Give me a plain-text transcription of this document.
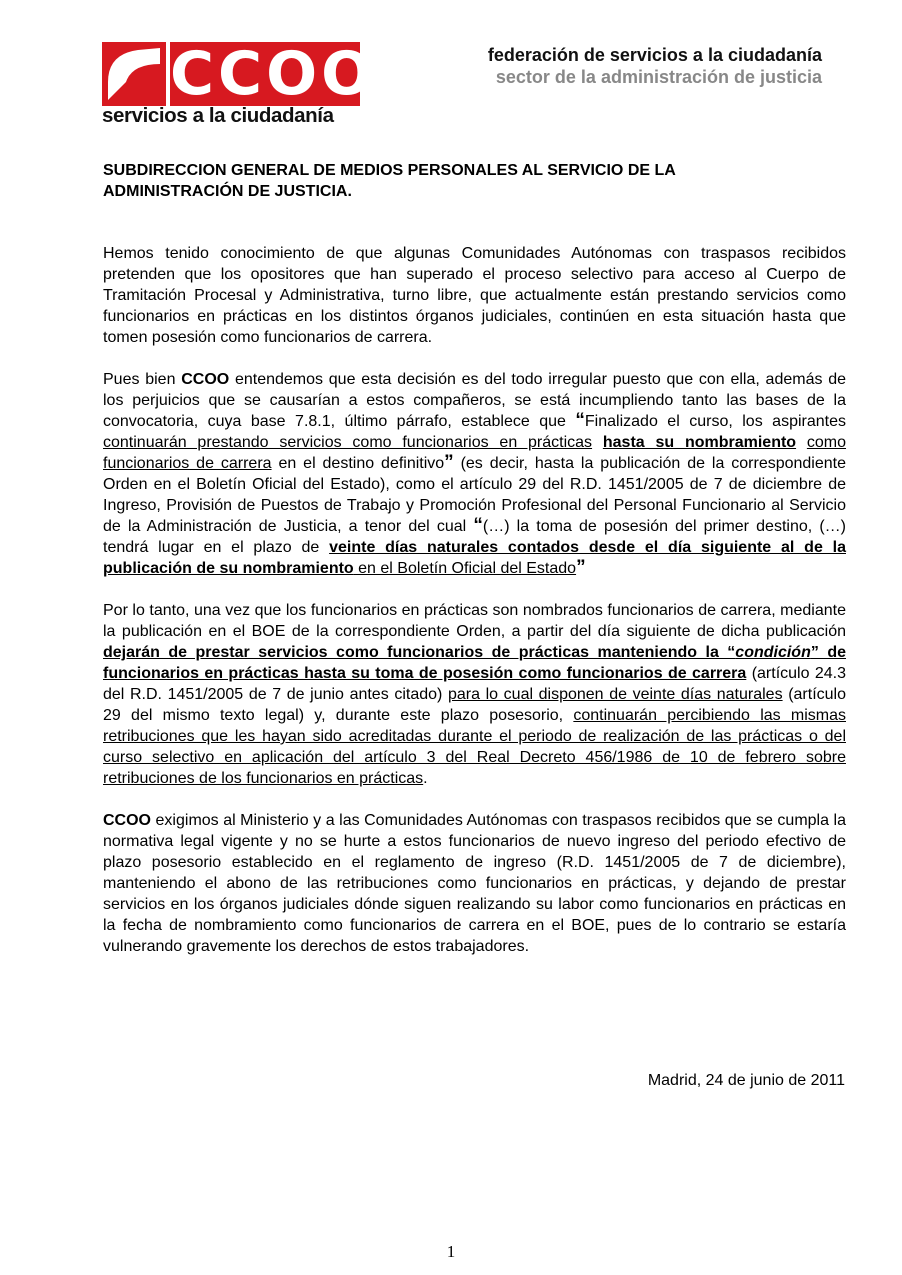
CCOO
servicios a la ciudadanía
federación de servicios a la ciudadanía
sector de la administración de justicia
SUBDIRECCION GENERAL DE MEDIOS PERSONALES AL SERVICIO DE LA ADMINISTRACIÓN DE JUSTICIA.

Hemos tenido conocimiento de que algunas Comunidades Autónomas con traspasos recibidos pretenden que los opositores que han superado el proceso selectivo para acceso al Cuerpo de Tramitación Procesal y Administrativa, turno libre, que actualmente están prestando servicios como funcionarios en prácticas en los distintos órganos judiciales, continúen en esta situación hasta que tomen posesión como funcionarios de carrera.

Pues bien CCOO entendemos que esta decisión es del todo irregular puesto que con ella, además de los perjuicios que se causarían a estos compañeros, se está incumpliendo tanto las bases de la convocatoria, cuya base 7.8.1, último párrafo, establece que “Finalizado el curso, los aspirantes continuarán prestando servicios como funcionarios en prácticas hasta su nombramiento como funcionarios de carrera en el destino definitivo” (es decir, hasta la publicación de la correspondiente Orden en el Boletín Oficial del Estado), como el artículo 29 del R.D. 1451/2005 de 7 de diciembre de Ingreso, Provisión de Puestos de Trabajo y Promoción Profesional del Personal Funcionario al Servicio de la Administración de Justicia, a tenor del cual “(…) la toma de posesión del primer destino, (…) tendrá lugar en el plazo de veinte días naturales contados desde el día siguiente al de la publicación de su nombramiento en el Boletín Oficial del Estado”

Por lo tanto, una vez que los funcionarios en prácticas son nombrados funcionarios de carrera, mediante la publicación en el BOE de la correspondiente Orden, a partir del día siguiente de dicha publicación dejarán de prestar servicios como funcionarios de prácticas manteniendo la “condición” de funcionarios en prácticas hasta su toma de posesión como funcionarios de carrera (artículo 24.3 del R.D. 1451/2005 de 7 de junio antes citado) para lo cual disponen de veinte días naturales (artículo 29 del mismo texto legal) y, durante este plazo posesorio, continuarán percibiendo las mismas retribuciones que les hayan sido acreditadas durante el periodo de realización de las prácticas o del curso selectivo en aplicación del artículo 3 del Real Decreto 456/1986 de 10 de febrero sobre retribuciones de los funcionarios en prácticas.

CCOO exigimos al Ministerio y a las Comunidades Autónomas con traspasos recibidos que se cumpla la normativa legal vigente y no se hurte a estos funcionarios de nuevo ingreso del periodo efectivo de plazo posesorio establecido en el reglamento de ingreso (R.D. 1451/2005 de 7 de diciembre), manteniendo el abono de las retribuciones como funcionarios en prácticas, y dejando de prestar servicios en los órganos judiciales dónde siguen realizando su labor como funcionarios en prácticas en la fecha de nombramiento como funcionarios de carrera en el BOE, pues de lo contrario se estaría vulnerando gravemente los derechos de estos trabajadores.

Madrid, 24 de junio de 2011
1
